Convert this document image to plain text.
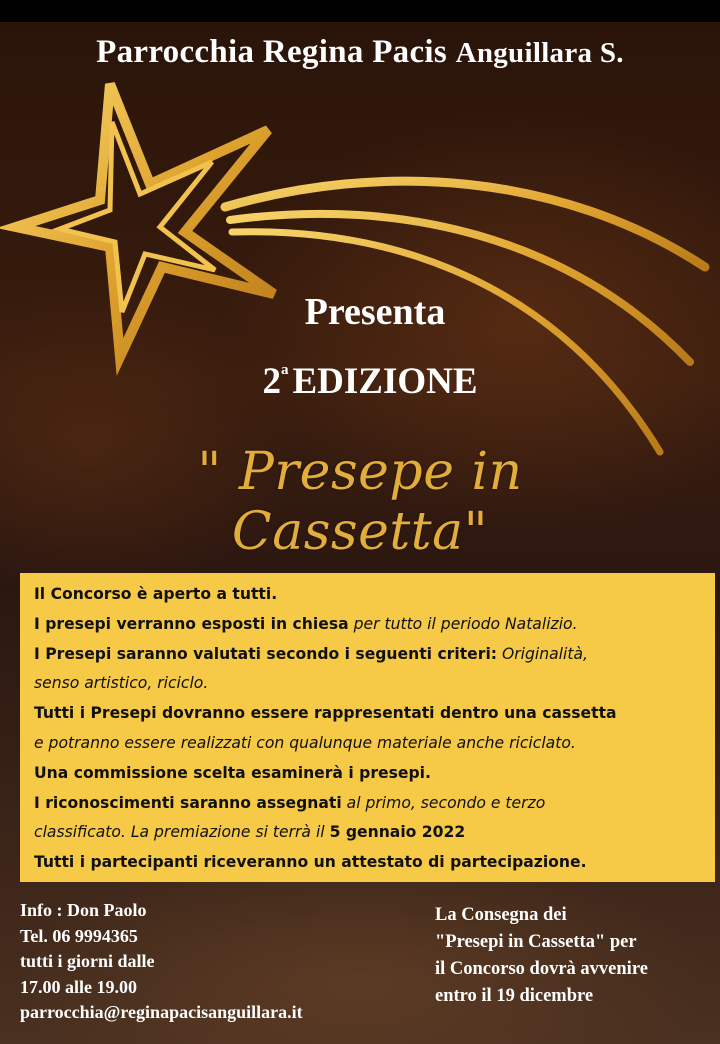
Parrocchia Regina Pacis Anguillara S.
Presenta
2$^a$ EDIZIONE
" Presepe in Cassetta"
Il Concorso è aperto a tutti.
I presepi verranno esposti in chiesa per tutto il periodo Natalizio.
I Presepi saranno valutati secondo i seguenti criteri: Originalità,
senso artistico, riciclo.
Tutti i Presepi dovranno essere rappresentati dentro una cassetta
e potranno essere realizzati con qualunque materiale anche riciclato.
Una commissione scelta esaminerà i presepi.
I riconoscimenti saranno assegnati al primo, secondo e terzo
classificato. La premiazione si terrà il 5 gennaio 2022
Tutti i partecipanti riceveranno un attestato di partecipazione.
Info : Don Paolo
Tel. 06 9994365
tutti i giorni dalle
17.00 alle 19.00
parrocchia@reginapacisanguillara.it
La Consegna dei
"Presepi in Cassetta" per
il Concorso dovrà avvenire
entro il 19 dicembre
